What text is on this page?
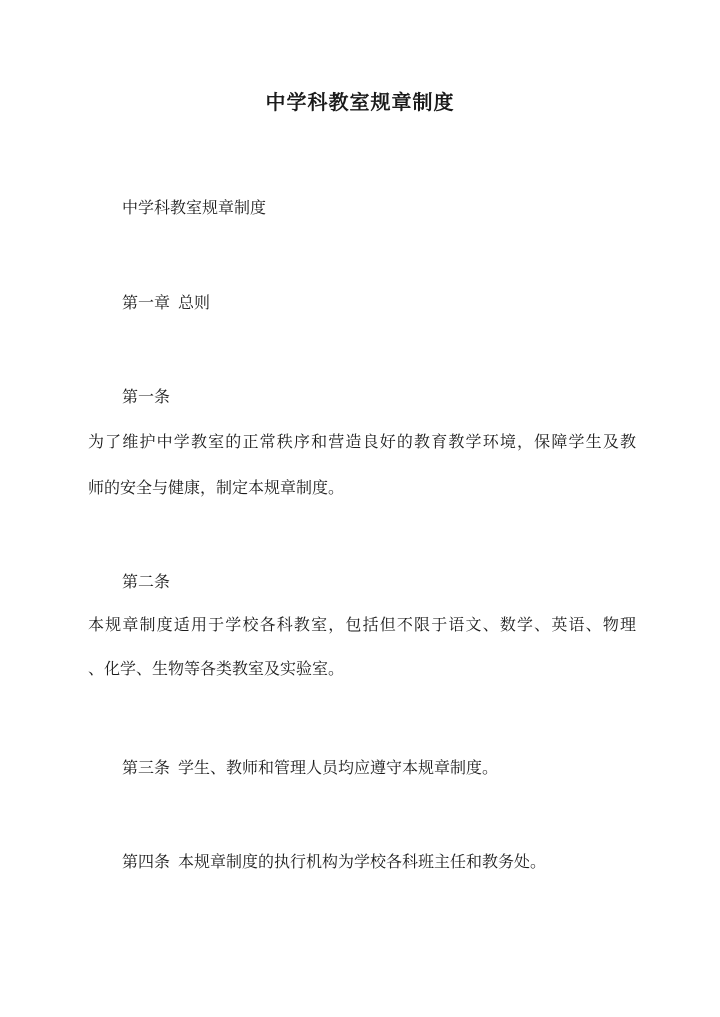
中学科教室规章制度
中学科教室规章制度
第一章 总则
第一条
为了维护中学教室的正常秩序和营造良好的教育教学环境，保障学生及教
师的安全与健康，制定本规章制度。
第二条
本规章制度适用于学校各科教室，包括但不限于语文、数学、英语、物理
、化学、生物等各类教室及实验室。
第三条 学生、教师和管理人员均应遵守本规章制度。
第四条 本规章制度的执行机构为学校各科班主任和教务处。
